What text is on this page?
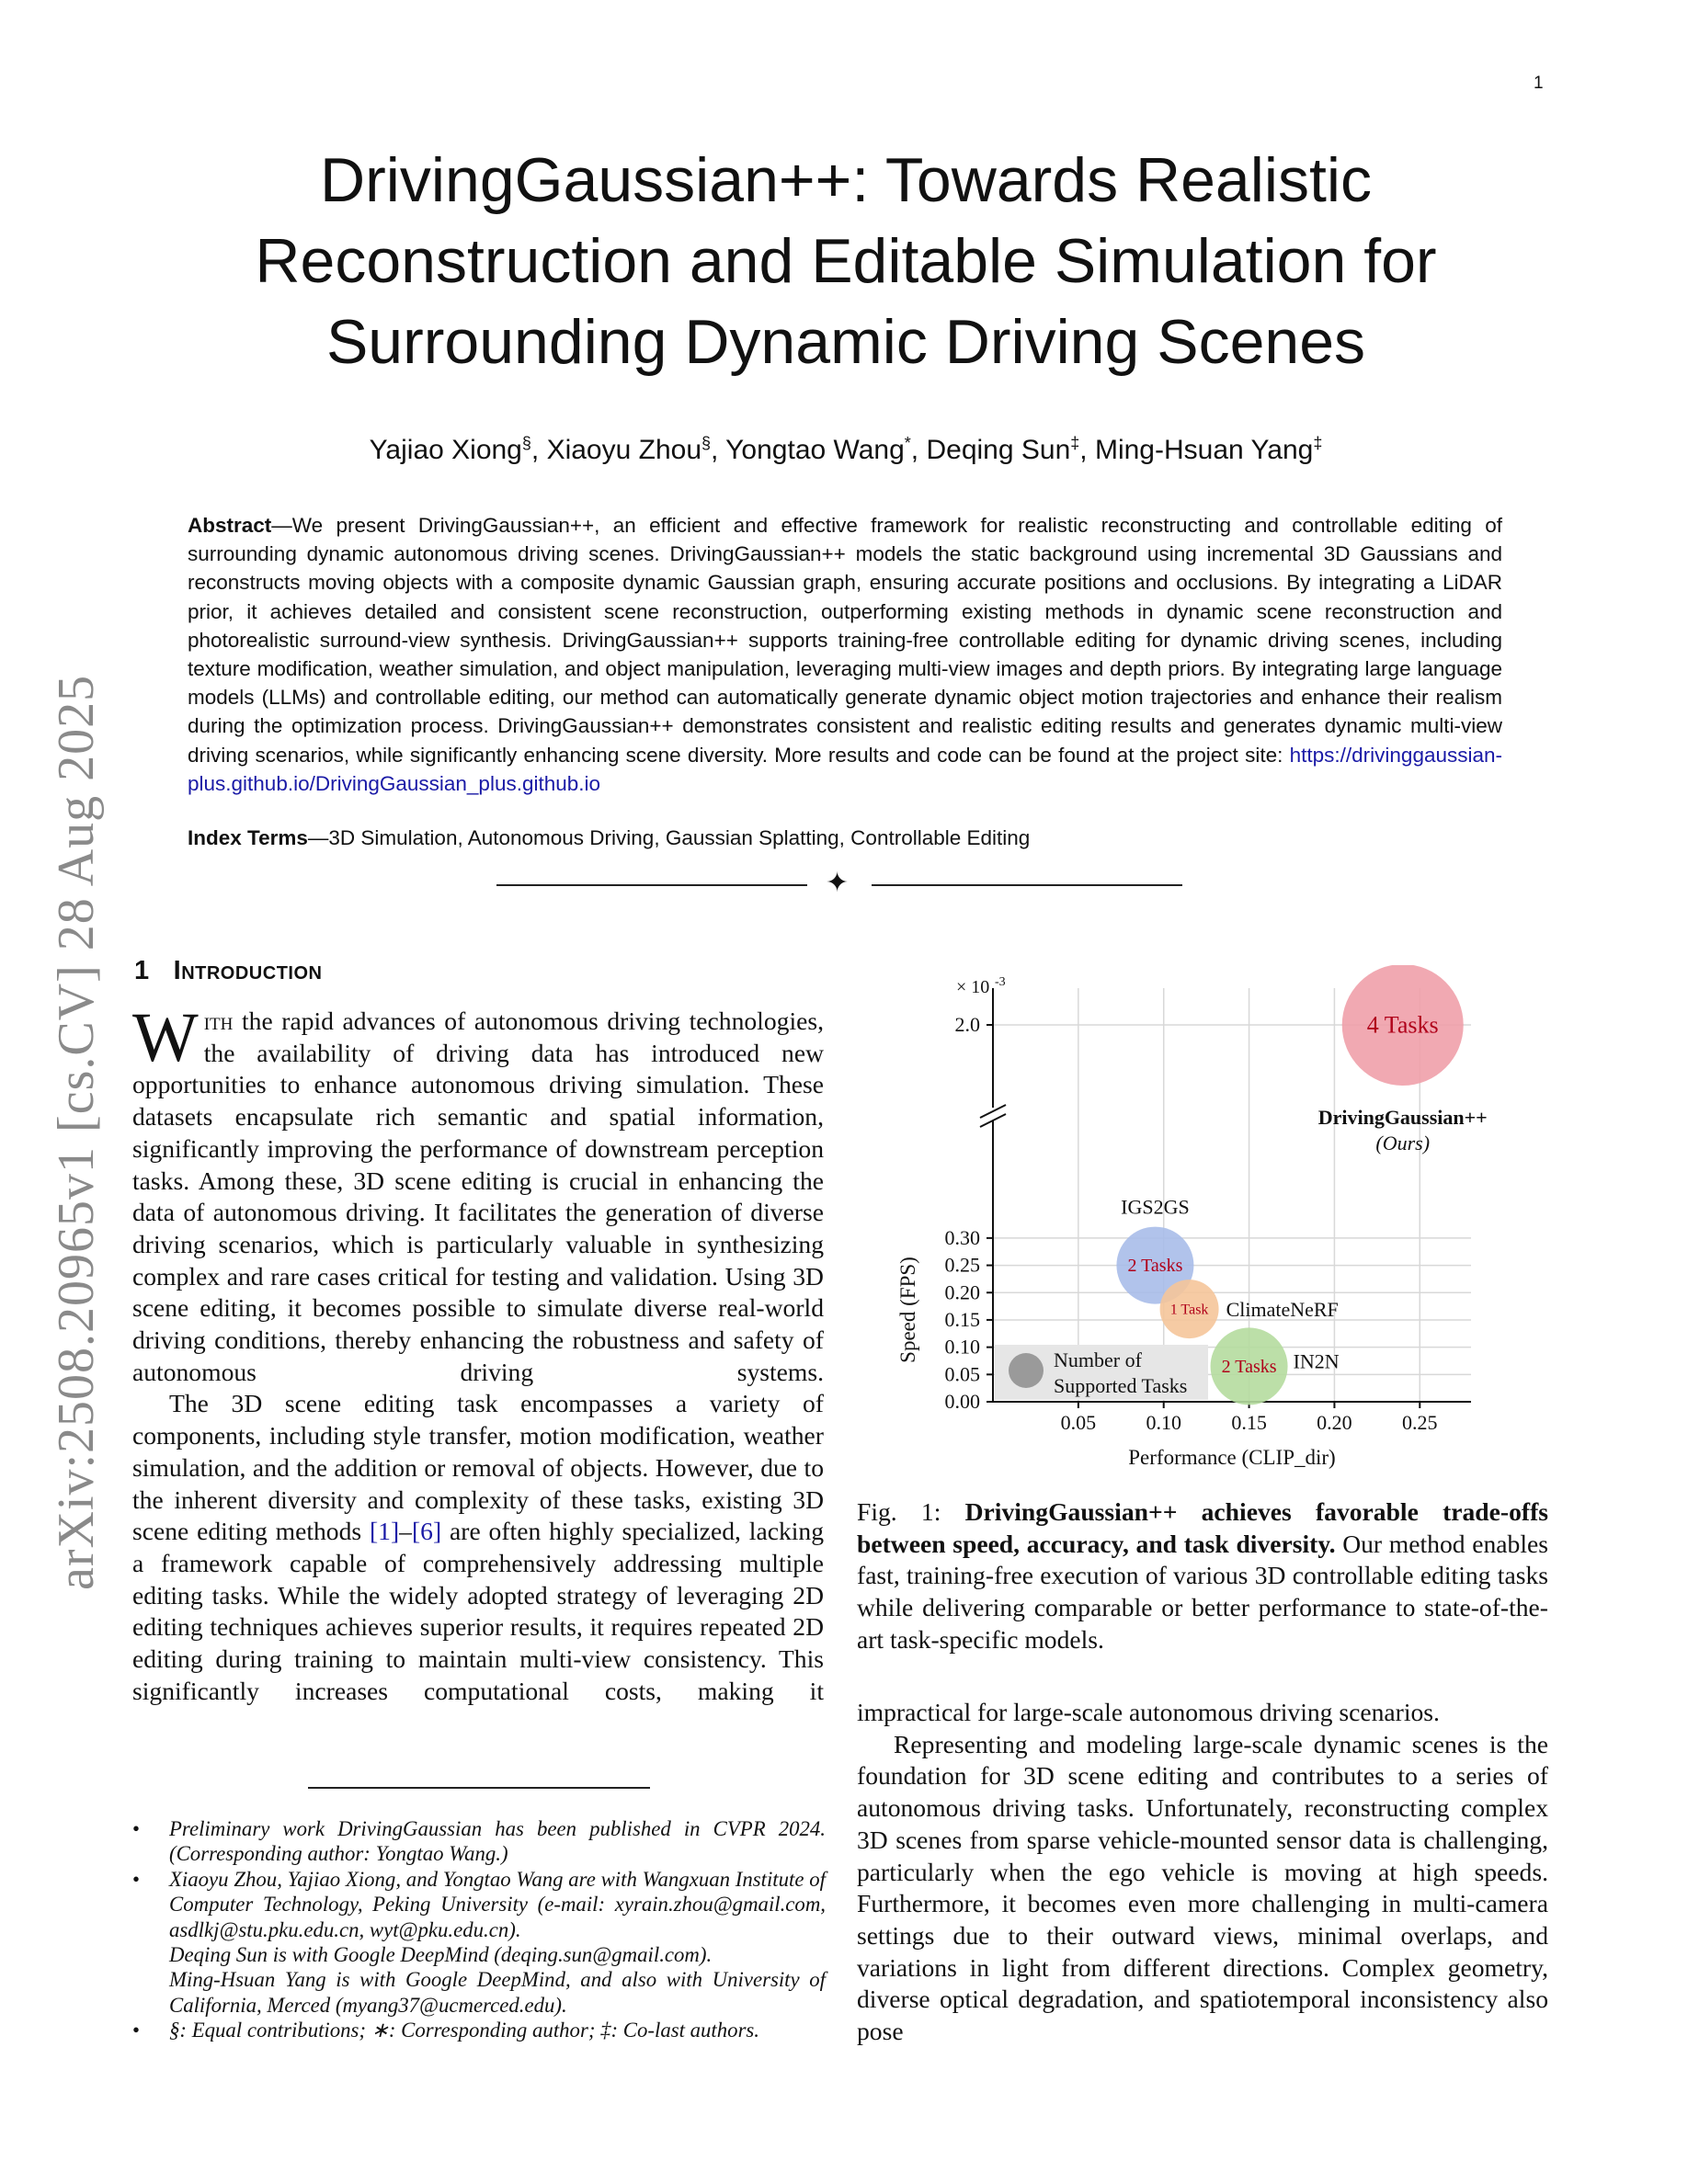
1
arXiv:2508.20965v1 [cs.CV] 28 Aug 2025
DrivingGaussian++: Towards Realistic
Reconstruction and Editable Simulation for
Surrounding Dynamic Driving Scenes
Yajiao Xiong§, Xiaoyu Zhou§, Yongtao Wang*, Deqing Sun‡, Ming-Hsuan Yang‡
Abstract—We present DrivingGaussian++, an efficient and effective framework for realistic reconstructing and controllable editing of surrounding dynamic autonomous driving scenes. DrivingGaussian++ models the static background using incremental 3D Gaussians and reconstructs moving objects with a composite dynamic Gaussian graph, ensuring accurate positions and occlusions. By integrating a LiDAR prior, it achieves detailed and consistent scene reconstruction, outperforming existing methods in dynamic scene reconstruction and photorealistic surround-view synthesis. DrivingGaussian++ supports training-free controllable editing for dynamic driving scenes, including texture modification, weather simulation, and object manipulation, leveraging multi-view images and depth priors. By integrating large language models (LLMs) and controllable editing, our method can automatically generate dynamic object motion trajectories and enhance their realism during the optimization process. DrivingGaussian++ demonstrates consistent and realistic editing results and generates dynamic multi-view driving scenarios, while significantly enhancing scene diversity. More results and code can be found at the project site: https://drivinggaussian-plus.github.io/DrivingGaussian_plus.github.io
Index Terms—3D Simulation, Autonomous Driving, Gaussian Splatting, Controllable Editing
✦
1 Introduction

With the rapid advances of autonomous driving technologies, the availability of driving data has introduced new opportunities to enhance autonomous driving simulation. These datasets encapsulate rich semantic and spatial information, significantly improving the performance of downstream perception tasks. Among these, 3D scene editing is crucial in enhancing the data of autonomous driving. It facilitates the generation of diverse driving scenarios, which is particularly valuable in synthesizing complex and rare cases critical for testing and validation. Using 3D scene editing, it becomes possible to simulate diverse real-world driving conditions, thereby enhancing the robustness and safety of autonomous driving systems.

The 3D scene editing task encompasses a variety of components, including style transfer, motion modification, weather simulation, and the addition or removal of objects. However, due to the inherent diversity and complexity of these tasks, existing 3D scene editing methods [1]–[6] are often highly specialized, lacking a framework capable of comprehensively addressing multiple editing tasks. While the widely adopted strategy of leveraging 2D editing techniques achieves superior results, it requires repeated 2D editing during training to maintain multi-view consistency. This significantly increases computational costs, making it

• Preliminary work DrivingGaussian has been published in CVPR 2024. (Corresponding author: Yongtao Wang.)

• Xiaoyu Zhou, Yajiao Xiong, and Yongtao Wang are with Wangxuan Institute of Computer Technology, Peking University (e-mail: xyrain.zhou@gmail.com, asdlkj@stu.pku.edu.cn, wyt@pku.edu.cn).
Deqing Sun is with Google DeepMind (deqing.sun@gmail.com).
Ming-Hsuan Yang is with Google DeepMind, and also with University of California, Merced (myang37@ucmerced.edu).

• §: Equal contributions; ∗: Corresponding author; ‡: Co-last authors.

0.05 0.10 0.15 0.20 0.25
0.00
0.05
0.10
0.15
0.20
0.25
0.30
2.0
× 10 -3
Performance (CLIP_dir)
Speed (FPS)
4 Tasks
DrivingGaussian++
(Ours)
2 Tasks
IGS2GS
1 Task ClimateNeRF
2 Tasks IN2N
Number of
Supported Tasks
Fig. 1: DrivingGaussian++ achieves favorable trade-offs between speed, accuracy, and task diversity. Our method enables fast, training-free execution of various 3D controllable editing tasks while delivering comparable or better performance to state-of-the-art task-specific models.

impractical for large-scale autonomous driving scenarios.

Representing and modeling large-scale dynamic scenes is the foundation for 3D scene editing and contributes to a series of autonomous driving tasks. Unfortunately, reconstructing complex 3D scenes from sparse vehicle-mounted sensor data is challenging, particularly when the ego vehicle is moving at high speeds. Furthermore, it becomes even more challenging in multi-camera settings due to their outward views, minimal overlaps, and variations in light from different directions. Complex geometry, diverse optical degradation, and spatiotemporal inconsistency also pose
